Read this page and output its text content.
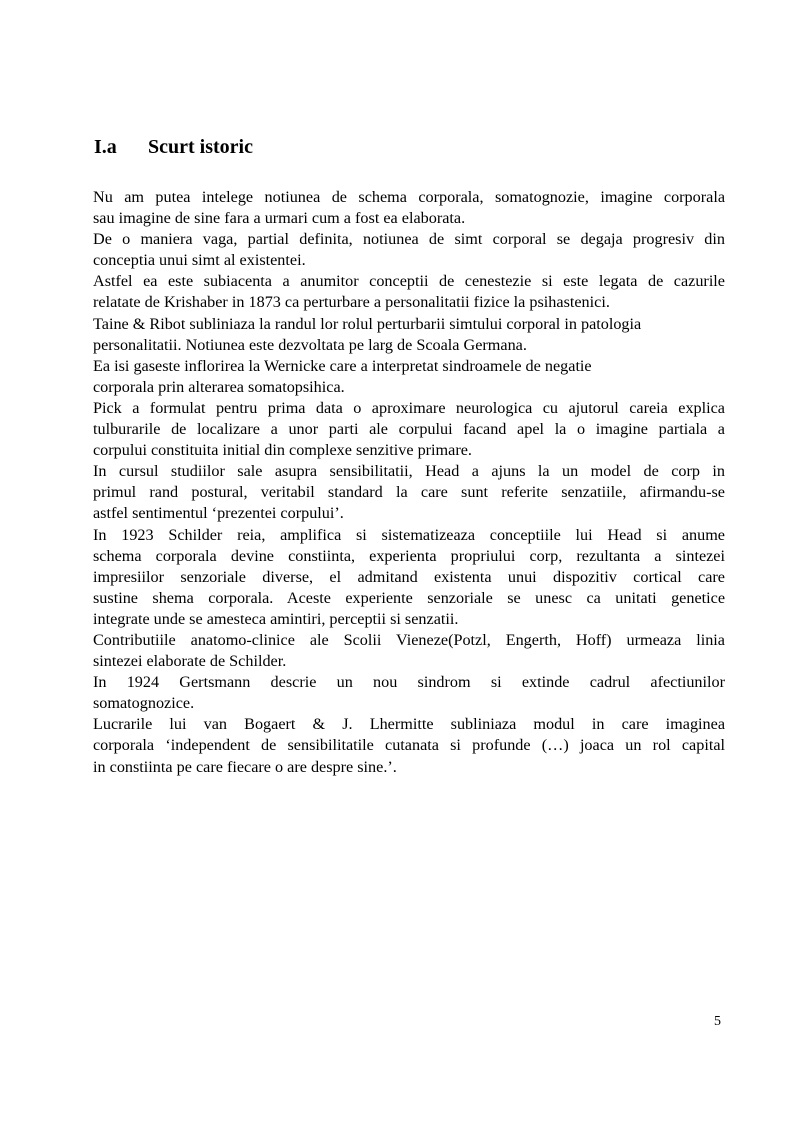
I.a Scurt istoric
Nu am putea intelege notiunea de schema corporala, somatognozie, imagine corporala
sau imagine de sine fara a urmari cum a fost ea elaborata.
De o maniera vaga, partial definita, notiunea de simt corporal se degaja progresiv din
conceptia unui simt al existentei.
Astfel ea este subiacenta a anumitor conceptii de cenestezie si este legata de cazurile
relatate de Krishaber in 1873 ca perturbare a personalitatii fizice la psihastenici.
Taine & Ribot subliniaza la randul lor rolul perturbarii simtului corporal in patologia
personalitatii. Notiunea este dezvoltata pe larg de Scoala Germana.
Ea isi gaseste inflorirea la Wernicke care a interpretat sindroamele de negatie
corporala prin alterarea somatopsihica.
Pick a formulat pentru prima data o aproximare neurologica cu ajutorul careia explica
tulburarile de localizare a unor parti ale corpului facand apel la o imagine partiala a
corpului constituita initial din complexe senzitive primare.
In cursul studiilor sale asupra sensibilitatii, Head a ajuns la un model de corp in
primul rand postural, veritabil standard la care sunt referite senzatiile, afirmandu-se
astfel sentimentul ‘prezentei corpului’.
In 1923 Schilder reia, amplifica si sistematizeaza conceptiile lui Head si anume
schema corporala devine constiinta, experienta propriului corp, rezultanta a sintezei
impresiilor senzoriale diverse, el admitand existenta unui dispozitiv cortical care
sustine shema corporala. Aceste experiente senzoriale se unesc ca unitati genetice
integrate unde se amesteca amintiri, perceptii si senzatii.
Contributiile anatomo-clinice ale Scolii Vieneze(Potzl, Engerth, Hoff) urmeaza linia
sintezei elaborate de Schilder.
In 1924 Gertsmann descrie un nou sindrom si extinde cadrul afectiunilor
somatognozice.
Lucrarile lui van Bogaert & J. Lhermitte subliniaza modul in care imaginea
corporala ‘independent de sensibilitatile cutanata si profunde (…) joaca un rol capital
in constiinta pe care fiecare o are despre sine.’.
5
